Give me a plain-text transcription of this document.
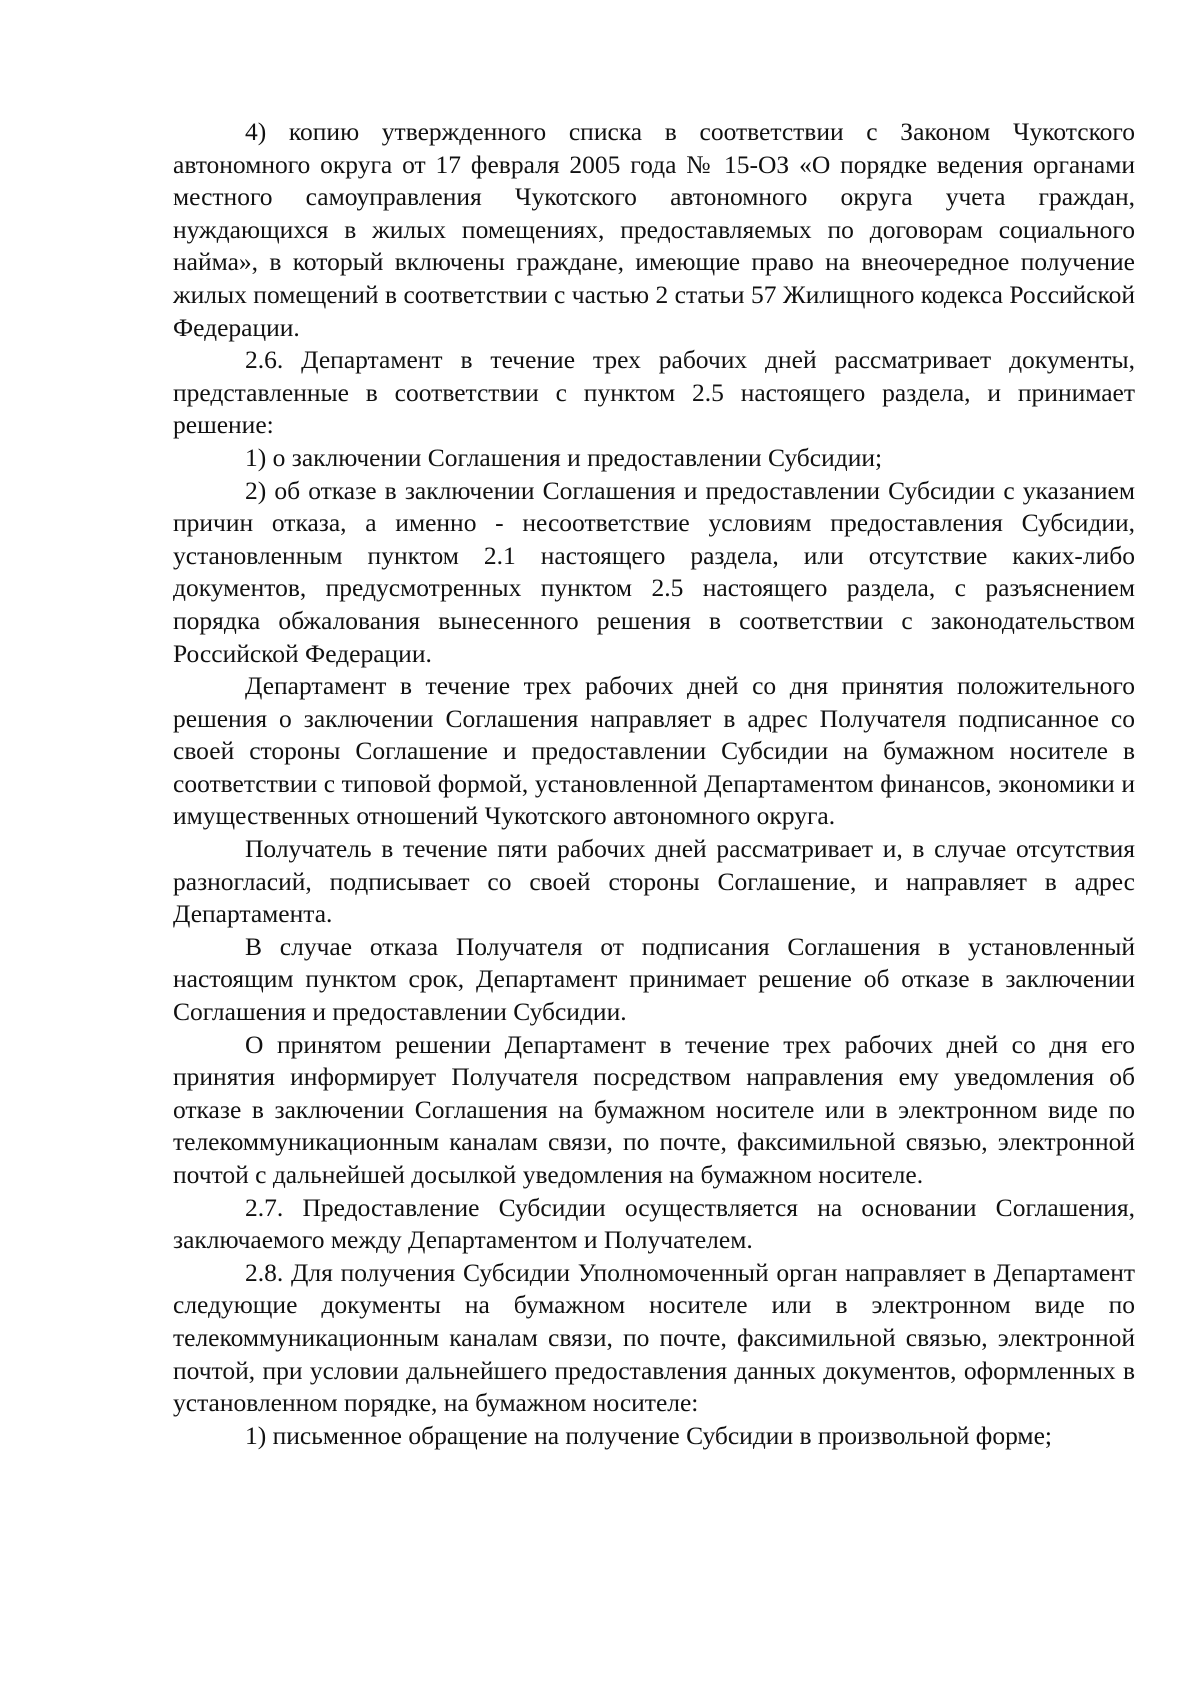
4) копию утвержденного списка в соответствии с Законом Чукотского автономного округа от 17 февраля 2005 года № 15-ОЗ «О порядке ведения органами местного самоуправления Чукотского автономного округа учета граждан, нуждающихся в жилых помещениях, предоставляемых по договорам социального найма», в который включены граждане, имеющие право на внеочередное получение жилых помещений в соответствии с частью 2 статьи 57 Жилищного кодекса Российской Федерации.

2.6. Департамент в течение трех рабочих дней рассматривает документы, представленные в соответствии с пунктом 2.5 настоящего раздела, и принимает решение:

1) о заключении Соглашения и предоставлении Субсидии;

2) об отказе в заключении Соглашения и предоставлении Субсидии с указанием причин отказа, а именно - несоответствие условиям предоставления Субсидии, установленным пунктом 2.1 настоящего раздела, или отсутствие каких-либо документов, предусмотренных пунктом 2.5 настоящего раздела, с разъяснением порядка обжалования вынесенного решения в соответствии с законодательством Российской Федерации.

Департамент в течение трех рабочих дней со дня принятия положительного решения о заключении Соглашения направляет в адрес Получателя подписанное со своей стороны Соглашение и предоставлении Субсидии на бумажном носителе в соответствии с типовой формой, установленной Департаментом финансов, экономики и имущественных отношений Чукотского автономного округа.

Получатель в течение пяти рабочих дней рассматривает и, в случае отсутствия разногласий, подписывает со своей стороны Соглашение, и направляет в адрес Департамента.

В случае отказа Получателя от подписания Соглашения в установленный настоящим пунктом срок, Департамент принимает решение об отказе в заключении Соглашения и предоставлении Субсидии.

О принятом решении Департамент в течение трех рабочих дней со дня его принятия информирует Получателя посредством направления ему уведомления об отказе в заключении Соглашения на бумажном носителе или в электронном виде по телекоммуникационным каналам связи, по почте, факсимильной связью, электронной почтой с дальнейшей досылкой уведомления на бумажном носителе.

2.7. Предоставление Субсидии осуществляется на основании Соглашения, заключаемого между Департаментом и Получателем.

2.8. Для получения Субсидии Уполномоченный орган направляет в Департамент следующие документы на бумажном носителе или в электронном виде по телекоммуникационным каналам связи, по почте, факсимильной связью, электронной почтой, при условии дальнейшего предоставления данных документов, оформленных в установленном порядке, на бумажном носителе:

1) письменное обращение на получение Субсидии в произвольной форме;
